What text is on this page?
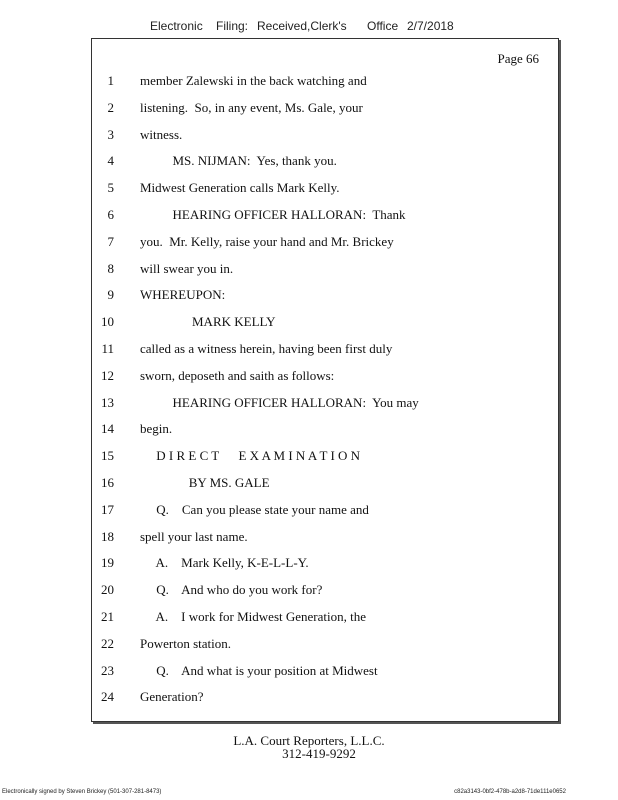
Electronic Filing: Received,Clerk's Office 2/7/2018
Page 66
1 member Zalewski in the back watching and
2 listening.  So, in any event, Ms. Gale, your
3 witness.
4 MS. NIJMAN:  Yes, thank you.
5 Midwest Generation calls Mark Kelly.
6 HEARING OFFICER HALLORAN:  Thank
7 you.  Mr. Kelly, raise your hand and Mr. Brickey
8 will swear you in.
9 WHEREUPON:
10 MARK KELLY
11 called as a witness herein, having been first duly
12 sworn, deposeth and saith as follows:
13 HEARING OFFICER HALLORAN:  You may
14 begin.
15 D I R E C T      E X A M I N A T I O N
16 BY MS. GALE
17 Q.    Can you please state your name and
18 spell your last name.
19 A.    Mark Kelly, K-E-L-L-Y.
20 Q.    And who do you work for?
21 A.    I work for Midwest Generation, the
22 Powerton station.
23 Q.    And what is your position at Midwest
24 Generation?
L.A. Court Reporters, L.L.C.
312-419-9292
Electronically signed by Steven Brickey (501-307-281-8473)	c82a3143-0bf2-478b-a2d8-71de111e0652
